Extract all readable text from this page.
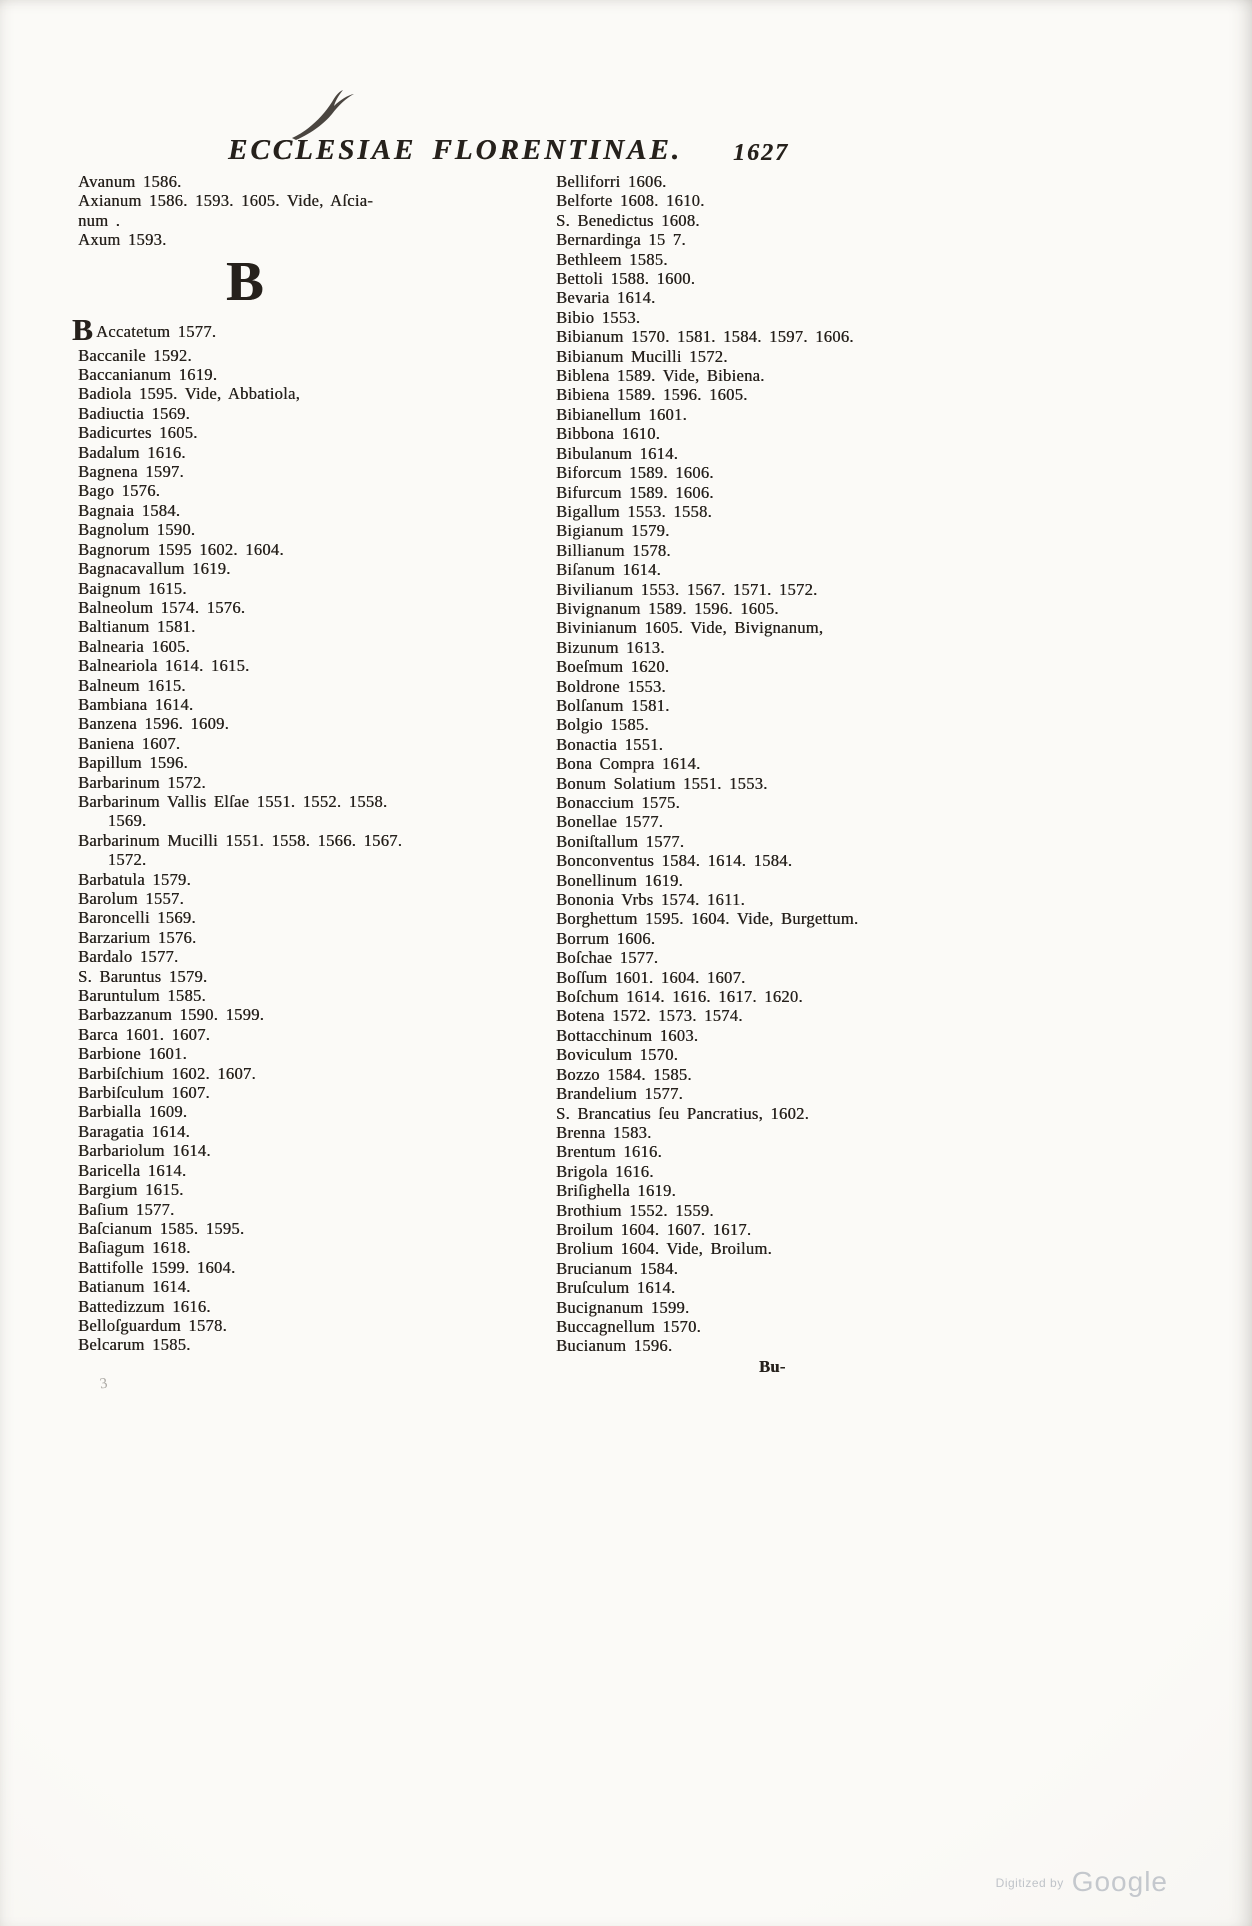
ECCLESIAE FLORENTINAE. 1627
Avanum 1586.
Axianum 1586. 1593. 1605. Vide, Aſcia-
num .
Axum 1593.
B
B Accatetum 1577.
Baccanile 1592.
Baccanianum 1619.
Badiola 1595. Vide, Abbatiola,
Badiuctia 1569.
Badicurtes 1605.
Badalum 1616.
Bagnena 1597.
Bago 1576.
Bagnaia 1584.
Bagnolum 1590.
Bagnorum 1595 1602. 1604.
Bagnacavallum 1619.
Baignum 1615.
Balneolum 1574. 1576.
Baltianum 1581.
Balnearia 1605.
Balneariola 1614. 1615.
Balneum 1615.
Bambiana 1614.
Banzena 1596. 1609.
Baniena 1607.
Bapillum 1596.
Barbarinum 1572.
Barbarinum Vallis Elſae 1551. 1552. 1558.
1569.
Barbarinum Mucilli 1551. 1558. 1566. 1567.
1572.
Barbatula 1579.
Barolum 1557.
Baroncelli 1569.
Barzarium 1576.
Bardalo 1577.
S. Baruntus 1579.
Baruntulum 1585.
Barbazzanum 1590. 1599.
Barca 1601. 1607.
Barbione 1601.
Barbiſchium 1602. 1607.
Barbiſculum 1607.
Barbialla 1609.
Baragatia 1614.
Barbariolum 1614.
Baricella 1614.
Bargium 1615.
Baſium 1577.
Baſcianum 1585. 1595.
Baſiagum 1618.
Battifolle 1599. 1604.
Batianum 1614.
Battedizzum 1616.
Belloſguardum 1578.
Belcarum 1585.
Belliforri 1606.
Belforte 1608. 1610.
S. Benedictus 1608.
Bernardinga 15 7.
Bethleem 1585.
Bettoli 1588. 1600.
Bevaria 1614.
Bibio 1553.
Bibianum 1570. 1581. 1584. 1597. 1606.
Bibianum Mucilli 1572.
Biblena 1589. Vide, Bibiena.
Bibiena 1589. 1596. 1605.
Bibianellum 1601.
Bibbona 1610.
Bibulanum 1614.
Biforcum 1589. 1606.
Bifurcum 1589. 1606.
Bigallum 1553. 1558.
Bigianum 1579.
Billianum 1578.
Biſanum 1614.
Bivilianum 1553. 1567. 1571. 1572.
Bivignanum 1589. 1596. 1605.
Bivinianum 1605. Vide, Bivignanum,
Bizunum 1613.
Boeſmum 1620.
Boldrone 1553.
Bolſanum 1581.
Bolgio 1585.
Bonactia 1551.
Bona Compra 1614.
Bonum Solatium 1551. 1553.
Bonaccium 1575.
Bonellae 1577.
Boniſtallum 1577.
Bonconventus 1584. 1614. 1584.
Bonellinum 1619.
Bononia Vrbs 1574. 1611.
Borghettum 1595. 1604. Vide, Burgettum.
Borrum 1606.
Boſchae 1577.
Boſſum 1601. 1604. 1607.
Boſchum 1614. 1616. 1617. 1620.
Botena 1572. 1573. 1574.
Bottacchinum 1603.
Boviculum 1570.
Bozzo 1584. 1585.
Brandelium 1577.
S. Brancatius ſeu Pancratius, 1602.
Brenna 1583.
Brentum 1616.
Brigola 1616.
Briſighella 1619.
Brothium 1552. 1559.
Broilum 1604. 1607. 1617.
Brolium 1604. Vide, Broilum.
Brucianum 1584.
Bruſculum 1614.
Bucignanum 1599.
Buccagnellum 1570.
Bucianum 1596.
Bu-
3
$^{Digitized by}$ Google
